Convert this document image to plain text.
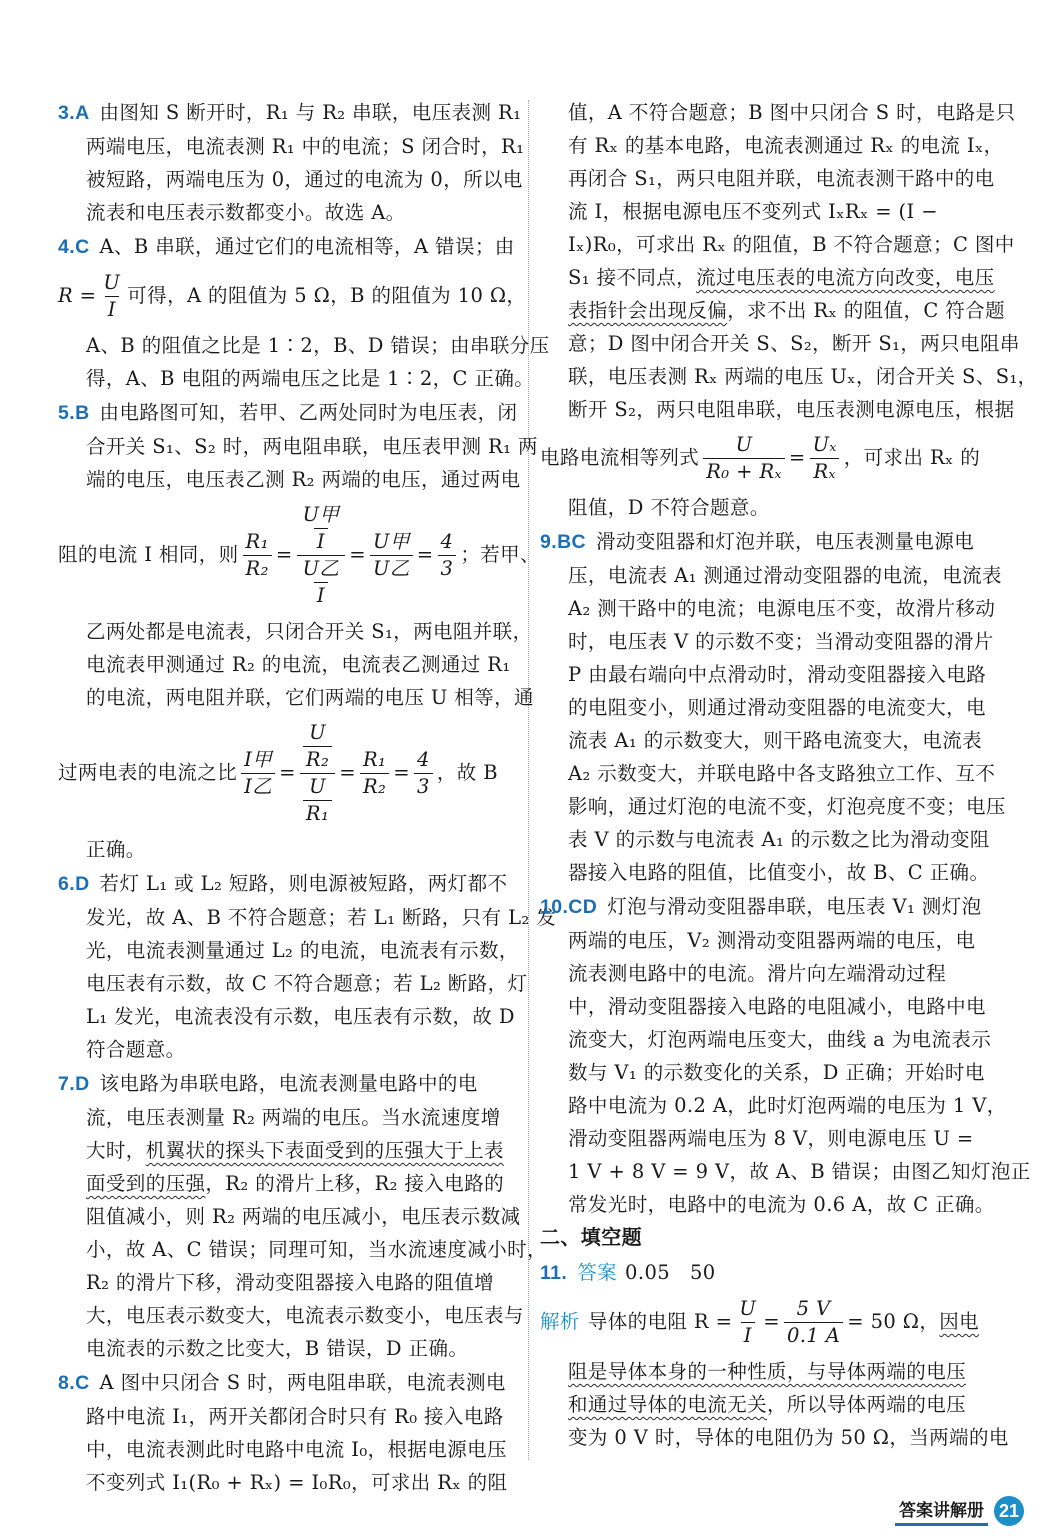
3.A 由图知 S 断开时，R₁ 与 R₂ 串联，电压表测 R₁
两端电压，电流表测 R₁ 中的电流；S 闭合时，R₁
被短路，两端电压为 0，通过的电流为 0，所以电
流表和电压表示数都变小。故选 A。
4.C A、B 串联，通过它们的电流相等，A 错误；由
$R = \frac{U}{I}$ 可得，A 的阻值为 5 Ω，B 的阻值为 10 Ω，
A、B 的阻值之比是 1∶2，B、D 错误；由串联分压
得，A、B 电阻的两端电压之比是 1∶2，C 正确。
5.B 由电路图可知，若甲、乙两处同时为电压表，闭
合开关 S₁、S₂ 时，两电阻串联，电压表甲测 R₁ 两
端的电压，电压表乙测 R₂ 两端的电压，通过两电
阻的电流 I 相同，则 $\frac{\text{R₁}}{\text{R₂}} = \frac{\frac{\text{U甲}}{I}}{\frac{\text{U乙}}{I}} = \frac{\text{U甲}}{\text{U乙}} = \frac{4}{3}$ ；若甲、
乙两处都是电流表，只闭合开关 S₁，两电阻并联，
电流表甲测通过 R₂ 的电流，电流表乙测通过 R₁
的电流，两电阻并联，它们两端的电压 U 相等，通
过两电表的电流之比 $\frac{\text{I甲}}{\text{I乙}} = \frac{\frac{U}{\text{R₂}}}{\frac{U}{\text{R₁}}} = \frac{\text{R₁}}{\text{R₂}} = \frac{4}{3}$ ，故 B
正确。
6.D 若灯 L₁ 或 L₂ 短路，则电源被短路，两灯都不
发光，故 A、B 不符合题意；若 L₁ 断路，只有 L₂ 发
光，电流表测量通过 L₂ 的电流，电流表有示数，
电压表有示数，故 C 不符合题意；若 L₂ 断路，灯
L₁ 发光，电流表没有示数，电压表有示数，故 D
符合题意。
7.D 该电路为串联电路，电流表测量电路中的电
流，电压表测量 R₂ 两端的电压。当水流速度增
大时，机翼状的探头下表面受到的压强大于上表
面受到的压强，R₂ 的滑片上移，R₂ 接入电路的
阻值减小，则 R₂ 两端的电压减小，电压表示数减
小，故 A、C 错误；同理可知，当水流速度减小时，
R₂ 的滑片下移，滑动变阻器接入电路的阻值增
大，电压表示数变大，电流表示数变小，电压表与
电流表的示数之比变大，B 错误，D 正确。
8.C A 图中只闭合 S 时，两电阻串联，电流表测电
路中电流 I₁，两开关都闭合时只有 R₀ 接入电路
中，电流表测此时电路中电流 I₀，根据电源电压
不变列式 I₁(R₀ + Rₓ) = I₀R₀，可求出 Rₓ 的阻
值，A 不符合题意；B 图中只闭合 S 时，电路是只
有 Rₓ 的基本电路，电流表测通过 Rₓ 的电流 Iₓ，
再闭合 S₁，两只电阻并联，电流表测干路中的电
流 I，根据电源电压不变列式 IₓRₓ = (I −
Iₓ)R₀，可求出 Rₓ 的阻值，B 不符合题意；C 图中
S₁ 接不同点，流过电压表的电流方向改变，电压
表指针会出现反偏，求不出 Rₓ 的阻值，C 符合题
意；D 图中闭合开关 S、S₂，断开 S₁，两只电阻串
联，电压表测 Rₓ 两端的电压 Uₓ，闭合开关 S、S₁，
断开 S₂，两只电阻串联，电压表测电源电压，根据
电路电流相等列式 $\frac{U}{\text{R₀ + Rₓ}} = \frac{\text{Uₓ}}{\text{Rₓ}}$ ，可求出 Rₓ 的
阻值，D 不符合题意。
9.BC 滑动变阻器和灯泡并联，电压表测量电源电
压，电流表 A₁ 测通过滑动变阻器的电流，电流表
A₂ 测干路中的电流；电源电压不变，故滑片移动
时，电压表 V 的示数不变；当滑动变阻器的滑片
P 由最右端向中点滑动时，滑动变阻器接入电路
的电阻变小，则通过滑动变阻器的电流变大，电
流表 A₁ 的示数变大，则干路电流变大，电流表
A₂ 示数变大，并联电路中各支路独立工作、互不
影响，通过灯泡的电流不变，灯泡亮度不变；电压
表 V 的示数与电流表 A₁ 的示数之比为滑动变阻
器接入电路的阻值，比值变小，故 B、C 正确。
10.CD 灯泡与滑动变阻器串联，电压表 V₁ 测灯泡
两端的电压，V₂ 测滑动变阻器两端的电压，电
流表测电路中的电流。滑片向左端滑动过程
中，滑动变阻器接入电路的电阻减小，电路中电
流变大，灯泡两端电压变大，曲线 a 为电流表示
数与 V₁ 的示数变化的关系，D 正确；开始时电
路中电流为 0.2 A，此时灯泡两端的电压为 1 V，
滑动变阻器两端电压为 8 V，则电源电压 U =
1 V + 8 V = 9 V，故 A、B 错误；由图乙知灯泡正
常发光时，电路中的电流为 0.6 A，故 C 正确。
二、填空题
11. 答案 0.05　50
解析 导体的电阻 $R = \frac{U}{I} = \frac{5 V}{0.1 A} = 50$ Ω，因电
阻是导体本身的一种性质，与导体两端的电压
和通过导体的电流无关，所以导体两端的电压
变为 0 V 时，导体的电阻仍为 50 Ω，当两端的电
答案讲解册 21
